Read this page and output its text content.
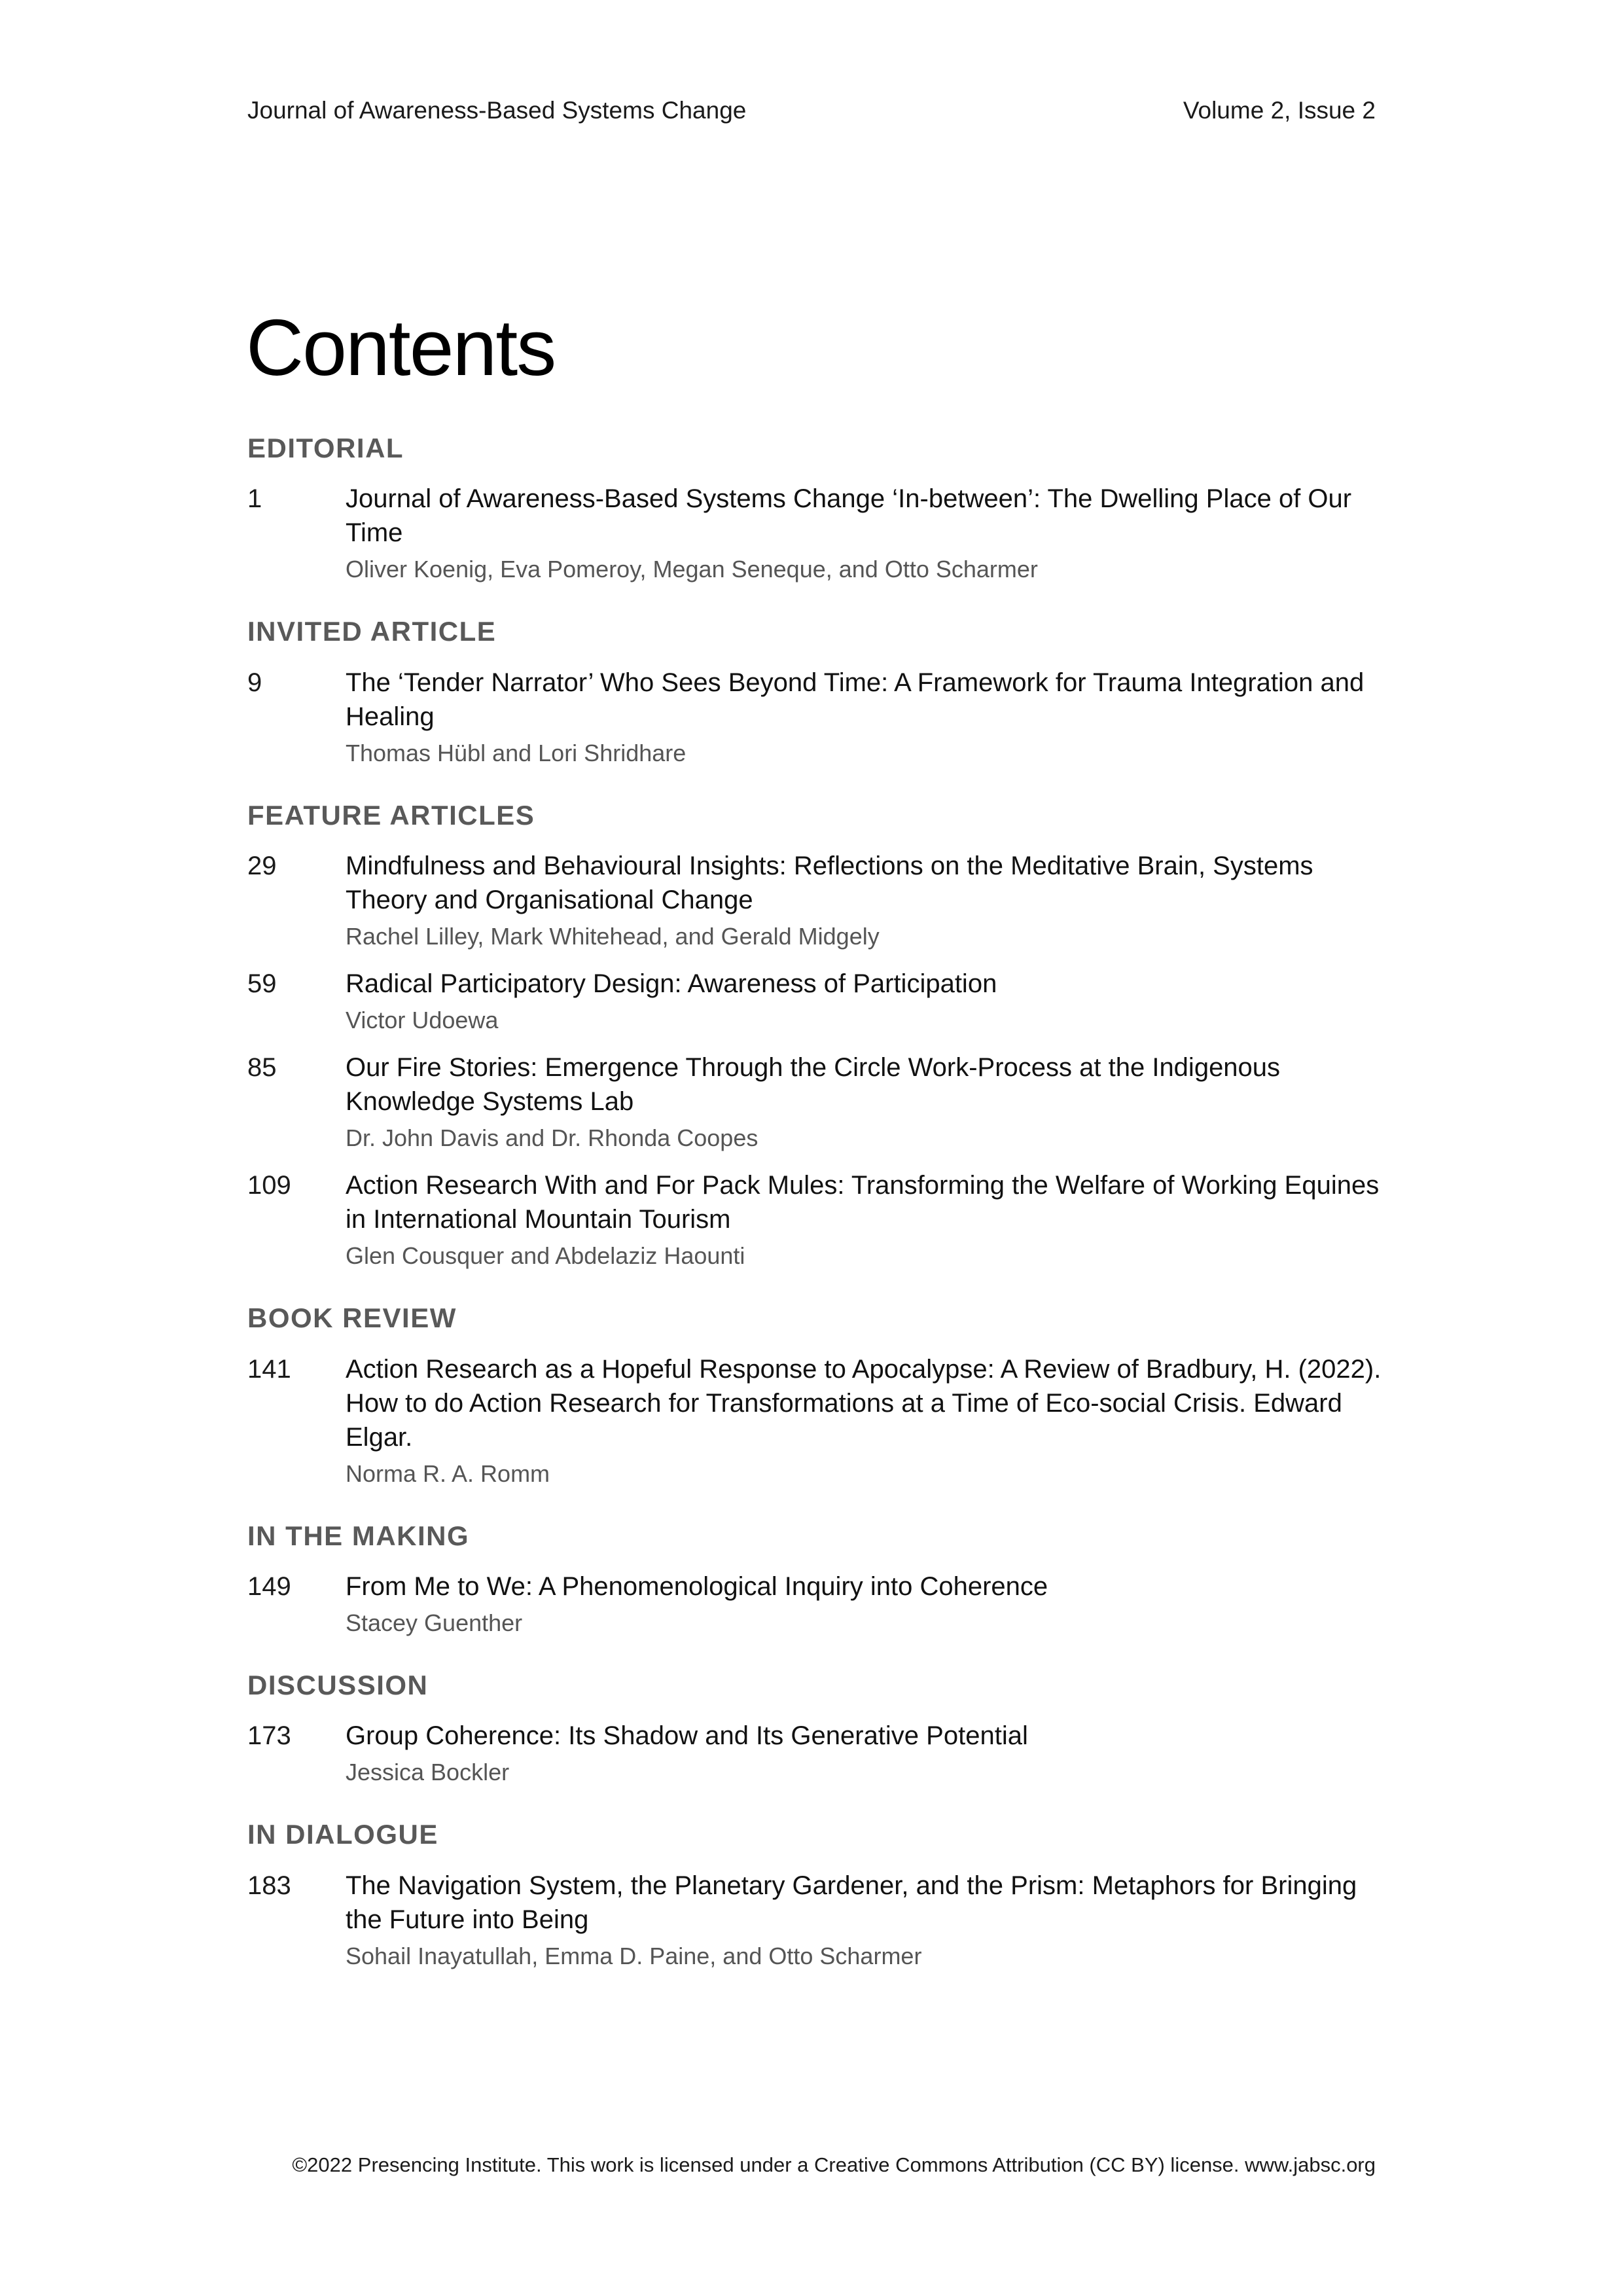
Journal of Awareness-Based Systems Change	Volume 2, Issue 2
Contents
EDITORIAL
1	Journal of Awareness-Based Systems Change ‘In-between’: The Dwelling Place of Our Time
Oliver Koenig, Eva Pomeroy, Megan Seneque, and Otto Scharmer
INVITED ARTICLE
9	The ‘Tender Narrator’ Who Sees Beyond Time: A Framework for Trauma Integration and Healing
Thomas Hübl and Lori Shridhare
FEATURE ARTICLES
29	Mindfulness and Behavioural Insights: Reflections on the Meditative Brain, Systems Theory and Organisational Change
Rachel Lilley, Mark Whitehead, and Gerald Midgely
59	Radical Participatory Design: Awareness of Participation
Victor Udoewa
85	Our Fire Stories: Emergence Through the Circle Work-Process at the Indigenous Knowledge Systems Lab
Dr. John Davis and Dr. Rhonda Coopes
109	Action Research With and For Pack Mules: Transforming the Welfare of Working Equines in International Mountain Tourism
Glen Cousquer and Abdelaziz Haounti
BOOK REVIEW
141	Action Research as a Hopeful Response to Apocalypse: A Review of Bradbury, H. (2022). How to do Action Research for Transformations at a Time of Eco-social Crisis. Edward Elgar.
Norma R. A. Romm
IN THE MAKING
149	From Me to We: A Phenomenological Inquiry into Coherence
Stacey Guenther
DISCUSSION
173	Group Coherence: Its Shadow and Its Generative Potential
Jessica Bockler
IN DIALOGUE
183	The Navigation System, the Planetary Gardener, and the Prism: Metaphors for Bringing the Future into Being
Sohail Inayatullah, Emma D. Paine, and Otto Scharmer
©2022 Presencing Institute. This work is licensed under a Creative Commons Attribution (CC BY) license. www.jabsc.org
